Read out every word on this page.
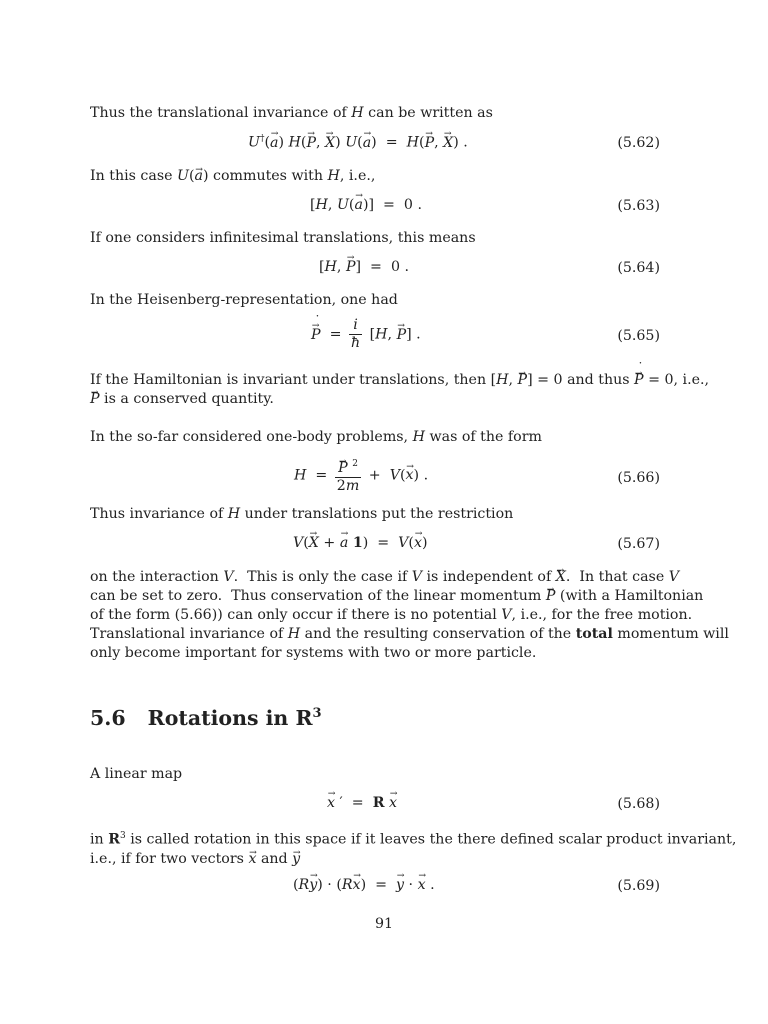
Thus the translational invariance of H can be written as
U†(→ a) H(→ P, → X) U(→ a)  =  H(→ P, → X) .	(5.62)
In this case U(→ a) commutes with H, i.e.,
[H, U(→ a)]  =  0 .	(5.63)
If one considers infinitesimal translations, this means
[H, → P]  =  0 .	(5.64)
In the Heisenberg-representation, one had
→ P ˙  = $\frac{i}{ħ} [H$, → P] .	(5.65)
If the Hamiltonian is invariant under translations, then [H, → P] = 0 and thus → P ˙ = 0, i.e.,
→ P is a conserved quantity.
In the so-far considered one-body problems, H was of the form
H  = → $\frac{P ^2}{2m} + V(\to x)$ .	(5.66)
Thus invariance of H under translations put the restriction
V(→ X + → a 1)  =  V(→ x)	(5.67)
on the interaction V.  This is only the case if V is independent of → X.  In that case V
can be set to zero.  Thus conservation of the linear momentum → P (with a Hamiltonian
of the form (5.66)) can only occur if there is no potential V, i.e., for the free motion.
Translational invariance of H and the resulting conservation of the total momentum will
only become important for systems with two or more particle.
5.6 Rotations in $R^3$
A linear map
→ x ′  =  R → x	(5.68)
in $R^3$ is called rotation in this space if it leaves the there defined scalar product invariant,
i.e., if for two vectors → x and → y
(R→ y) · (R→ x)  =  → y · → x .	(5.69)
91
